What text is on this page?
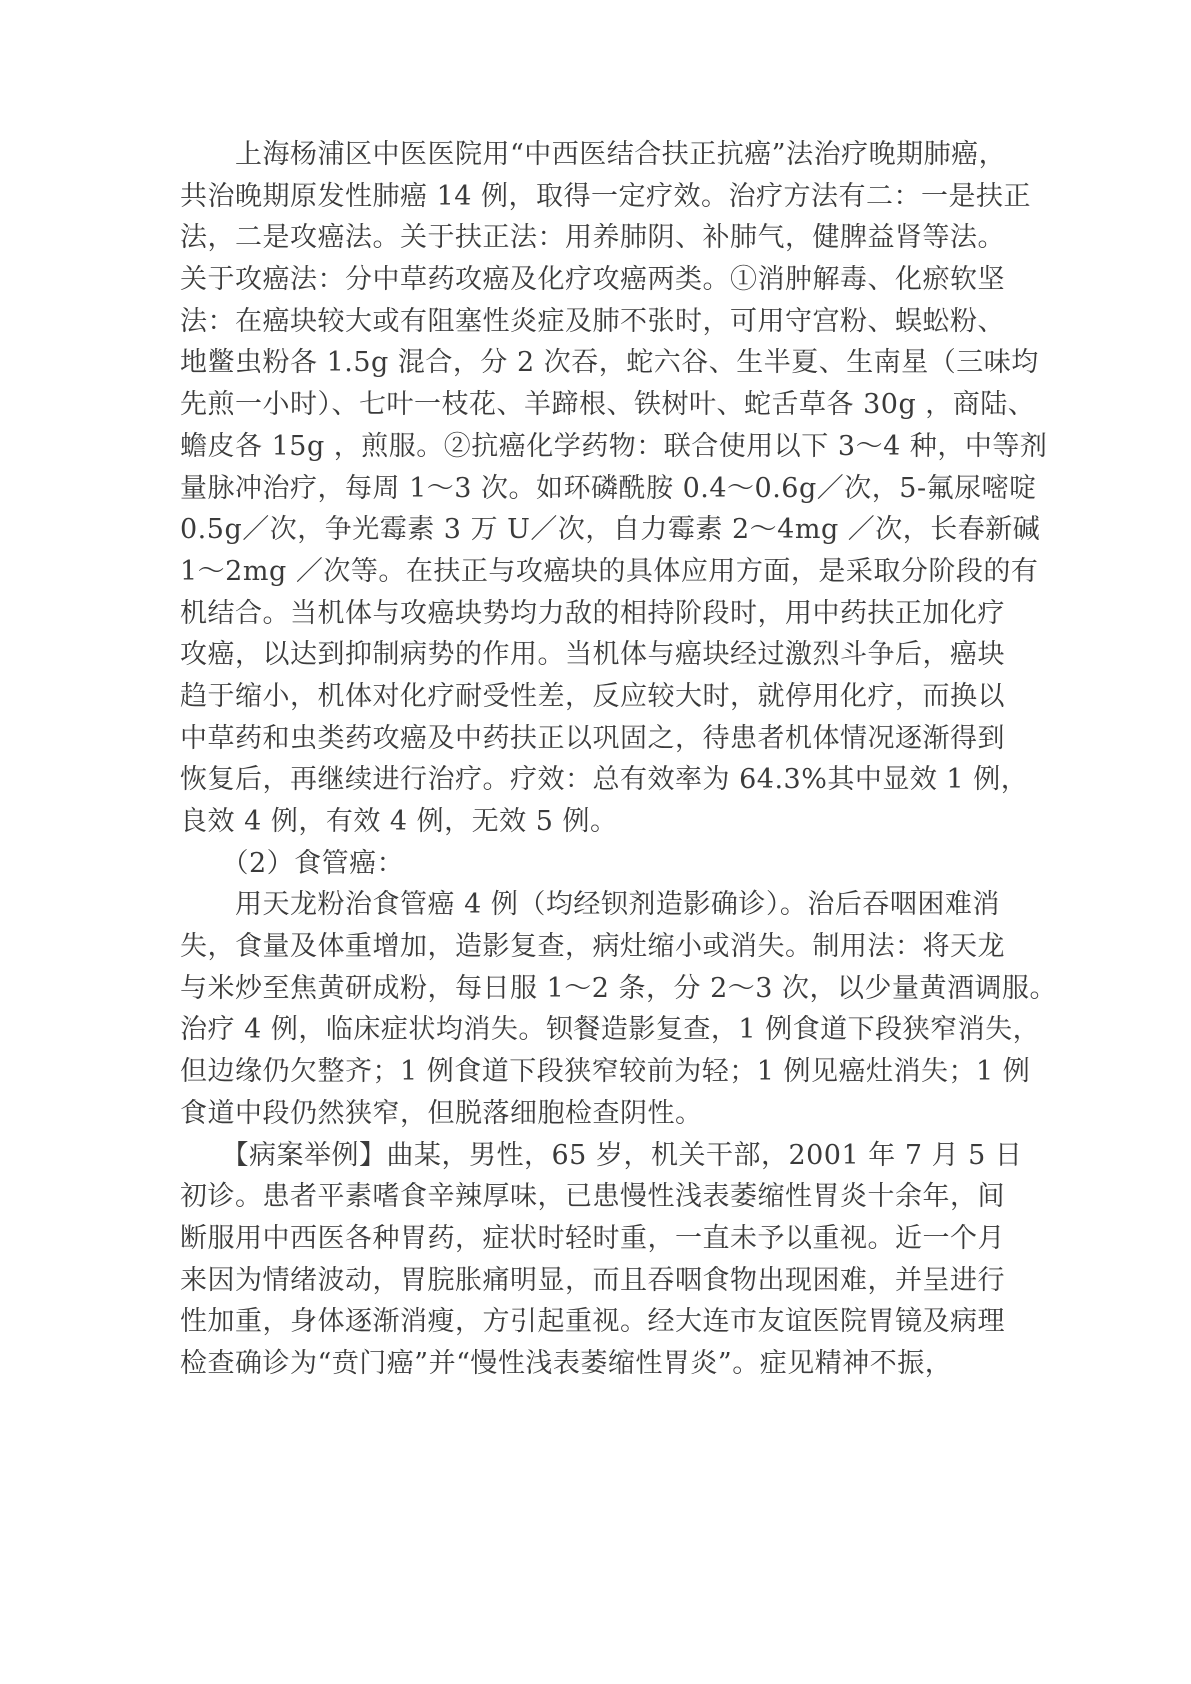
　　上海杨浦区中医医院用“中西医结合扶正抗癌”法治疗晚期肺癌，
共治晚期原发性肺癌 14 例，取得一定疗效。治疗方法有二：一是扶正
法，二是攻癌法。关于扶正法：用养肺阴、补肺气，健脾益肾等法。
关于攻癌法：分中草药攻癌及化疗攻癌两类。①消肿解毒、化瘀软坚
法：在癌块较大或有阻塞性炎症及肺不张时，可用守宫粉、蜈蚣粉、
地鳖虫粉各 1.5g 混合，分 2 次吞，蛇六谷、生半夏、生南星（三味均
先煎一小时）、七叶一枝花、羊蹄根、铁树叶、蛇舌草各 30g ，商陆、
蟾皮各 15g ，煎服。②抗癌化学药物：联合使用以下 3～4 种，中等剂
量脉冲治疗，每周 1～3 次。如环磷酰胺 0.4～0.6g／次，5-氟尿嘧啶
0.5g／次，争光霉素 3 万 U／次，自力霉素 2～4mg ／次，长春新碱
1～2mg ／次等。在扶正与攻癌块的具体应用方面，是采取分阶段的有
机结合。当机体与攻癌块势均力敌的相持阶段时，用中药扶正加化疗
攻癌，以达到抑制病势的作用。当机体与癌块经过激烈斗争后，癌块
趋于缩小，机体对化疗耐受性差，反应较大时，就停用化疗，而换以
中草药和虫类药攻癌及中药扶正以巩固之，待患者机体情况逐渐得到
恢复后，再继续进行治疗。疗效：总有效率为 64.3%其中显效 1 例，
良效 4 例，有效 4 例，无效 5 例。
　　（2）食管癌：
　　用天龙粉治食管癌 4 例（均经钡剂造影确诊）。治后吞咽困难消
失，食量及体重增加，造影复查，病灶缩小或消失。制用法：将天龙
与米炒至焦黄研成粉，每日服 1～2 条，分 2～3 次，以少量黄酒调服。
治疗 4 例，临床症状均消失。钡餐造影复查，1 例食道下段狭窄消失，
但边缘仍欠整齐；1 例食道下段狭窄较前为轻；1 例见癌灶消失；1 例
食道中段仍然狭窄，但脱落细胞检查阴性。
　　【病案举例】曲某，男性，65 岁，机关干部，2001 年 7 月 5 日
初诊。患者平素嗜食辛辣厚味，已患慢性浅表萎缩性胃炎十余年，间
断服用中西医各种胃药，症状时轻时重，一直未予以重视。近一个月
来因为情绪波动，胃脘胀痛明显，而且吞咽食物出现困难，并呈进行
性加重，身体逐渐消瘦，方引起重视。经大连市友谊医院胃镜及病理
检查确诊为“贲门癌”并“慢性浅表萎缩性胃炎”。症见精神不振，
